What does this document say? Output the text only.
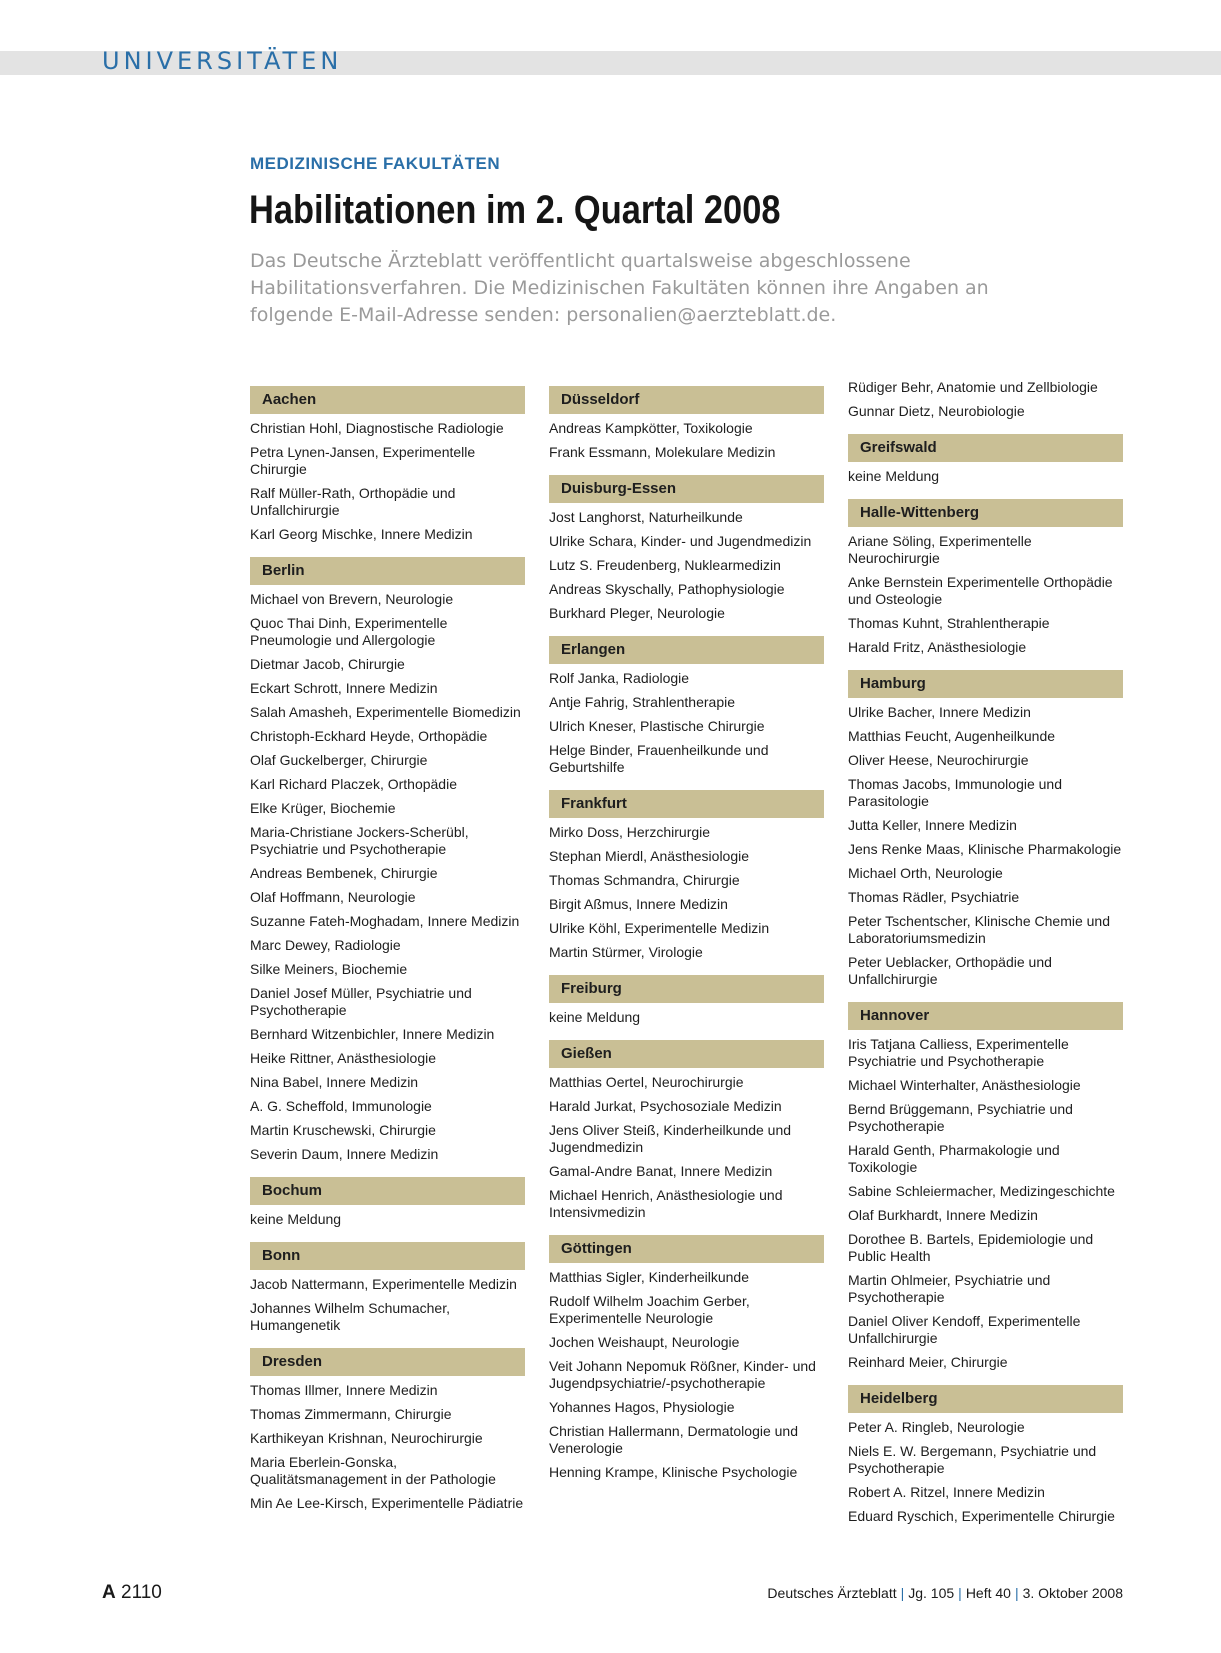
UNIVERSITÄTEN
MEDIZINISCHE FAKULTÄTEN
Habilitationen im 2. Quartal 2008
Das Deutsche Ärzteblatt veröffentlicht quartalsweise abgeschlossene Habilitationsverfahren. Die Medizinischen Fakultäten können ihre Angaben an folgende E-Mail-Adresse senden: personalien@aerzteblatt.de.
Aachen
Christian Hohl, Diagnostische Radiologie
Petra Lynen-Jansen, Experimentelle Chirurgie
Ralf Müller-Rath, Orthopädie und Unfallchirurgie
Karl Georg Mischke, Innere Medizin
Berlin
Michael von Brevern, Neurologie
Quoc Thai Dinh, Experimentelle Pneumologie und Allergologie
Dietmar Jacob, Chirurgie
Eckart Schrott, Innere Medizin
Salah Amasheh, Experimentelle Biomedizin
Christoph-Eckhard Heyde, Orthopädie
Olaf Guckelberger, Chirurgie
Karl Richard Placzek, Orthopädie
Elke Krüger, Biochemie
Maria-Christiane Jockers-Scherübl, Psychiatrie und Psychotherapie
Andreas Bembenek, Chirurgie
Olaf Hoffmann, Neurologie
Suzanne Fateh-Moghadam, Innere Medizin
Marc Dewey, Radiologie
Silke Meiners, Biochemie
Daniel Josef Müller, Psychiatrie und Psychotherapie
Bernhard Witzenbichler, Innere Medizin
Heike Rittner, Anästhesiologie
Nina Babel, Innere Medizin
A. G. Scheffold, Immunologie
Martin Kruschewski, Chirurgie
Severin Daum, Innere Medizin
Bochum
keine Meldung
Bonn
Jacob Nattermann, Experimentelle Medizin
Johannes Wilhelm Schumacher, Humangenetik
Dresden
Thomas Illmer, Innere Medizin
Thomas Zimmermann, Chirurgie
Karthikeyan Krishnan, Neurochirurgie
Maria Eberlein-Gonska, Qualitätsmanagement in der Pathologie
Min Ae Lee-Kirsch, Experimentelle Pädiatrie
Düsseldorf
Andreas Kampkötter, Toxikologie
Frank Essmann, Molekulare Medizin
Duisburg-Essen
Jost Langhorst, Naturheilkunde
Ulrike Schara, Kinder- und Jugendmedizin
Lutz S. Freudenberg, Nuklearmedizin
Andreas Skyschally, Pathophysiologie
Burkhard Pleger, Neurologie
Erlangen
Rolf Janka, Radiologie
Antje Fahrig, Strahlentherapie
Ulrich Kneser, Plastische Chirurgie
Helge Binder, Frauenheilkunde und Geburtshilfe
Frankfurt
Mirko Doss, Herzchirurgie
Stephan Mierdl, Anästhesiologie
Thomas Schmandra, Chirurgie
Birgit Aßmus, Innere Medizin
Ulrike Köhl, Experimentelle Medizin
Martin Stürmer, Virologie
Freiburg
keine Meldung
Gießen
Matthias Oertel, Neurochirurgie
Harald Jurkat, Psychosoziale Medizin
Jens Oliver Steiß, Kinderheilkunde und Jugendmedizin
Gamal-Andre Banat, Innere Medizin
Michael Henrich, Anästhesiologie und Intensivmedizin
Göttingen
Matthias Sigler, Kinderheilkunde
Rudolf Wilhelm Joachim Gerber, Experimentelle Neurologie
Jochen Weishaupt, Neurologie
Veit Johann Nepomuk Rößner, Kinder- und Jugendpsychiatrie/-psychotherapie
Yohannes Hagos, Physiologie
Christian Hallermann, Dermatologie und Venerologie
Henning Krampe, Klinische Psychologie
Rüdiger Behr, Anatomie und Zellbiologie
Gunnar Dietz, Neurobiologie
Greifswald
keine Meldung
Halle-Wittenberg
Ariane Söling, Experimentelle Neurochirurgie
Anke Bernstein Experimentelle Orthopädie und Osteologie
Thomas Kuhnt, Strahlentherapie
Harald Fritz, Anästhesiologie
Hamburg
Ulrike Bacher, Innere Medizin
Matthias Feucht, Augenheilkunde
Oliver Heese, Neurochirurgie
Thomas Jacobs, Immunologie und Parasitologie
Jutta Keller, Innere Medizin
Jens Renke Maas, Klinische Pharmakologie
Michael Orth, Neurologie
Thomas Rädler, Psychiatrie
Peter Tschentscher, Klinische Chemie und Laboratoriumsmedizin
Peter Ueblacker, Orthopädie und Unfallchirurgie
Hannover
Iris Tatjana Calliess, Experimentelle Psychiatrie und Psychotherapie
Michael Winterhalter, Anästhesiologie
Bernd Brüggemann, Psychiatrie und Psychotherapie
Harald Genth, Pharmakologie und Toxikologie
Sabine Schleiermacher, Medizingeschichte
Olaf Burkhardt, Innere Medizin
Dorothee B. Bartels, Epidemiologie und Public Health
Martin Ohlmeier, Psychiatrie und Psychotherapie
Daniel Oliver Kendoff, Experimentelle Unfallchirurgie
Reinhard Meier, Chirurgie
Heidelberg
Peter A. Ringleb, Neurologie
Niels E. W. Bergemann, Psychiatrie und Psychotherapie
Robert A. Ritzel, Innere Medizin
Eduard Ryschich, Experimentelle Chirurgie
A 2110	Deutsches Ärzteblatt | Jg. 105 | Heft 40 | 3. Oktober 2008
